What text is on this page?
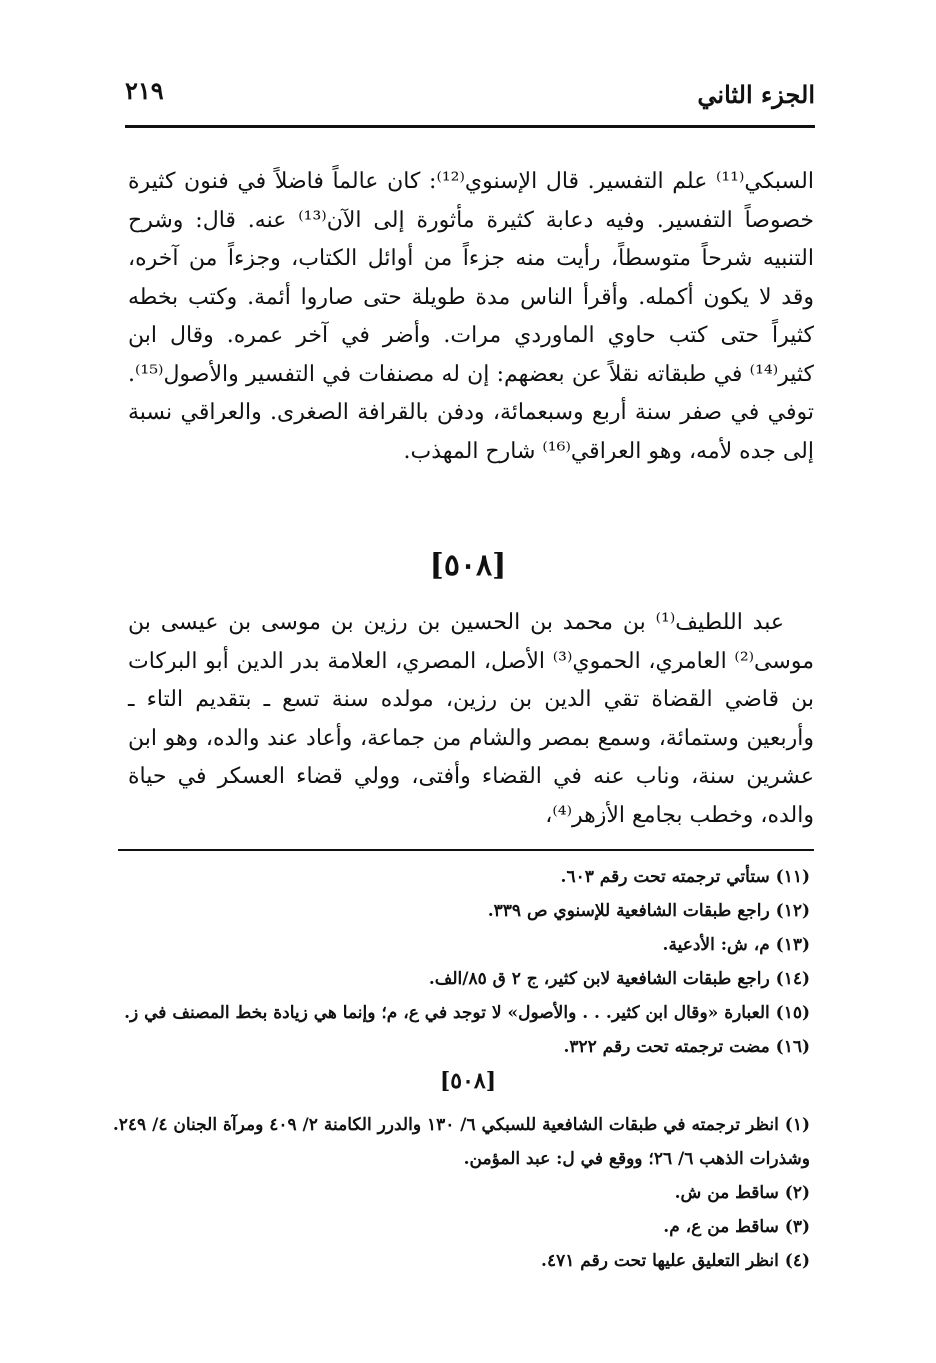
الجزء الثاني
٢١٩

السبكي⁽¹¹⁾ علم التفسير. قال الإسنوي⁽¹²⁾: كان عالماً فاضلاً في فنون كثيرة خصوصاً التفسير. وفيه دعابة كثيرة مأثورة إلى الآن⁽¹³⁾ عنه. قال: وشرح التنبيه شرحاً متوسطاً، رأيت منه جزءاً من أوائل الكتاب، وجزءاً من آخره، وقد لا يكون أكمله. وأقرأ الناس مدة طويلة حتى صاروا أئمة. وكتب بخطه كثيراً حتى كتب حاوي الماوردي مرات. وأضر في آخر عمره. وقال ابن كثير⁽¹⁴⁾ في طبقاته نقلاً عن بعضهم: إن له مصنفات في التفسير والأصول⁽¹⁵⁾. توفي في صفر سنة أربع وسبعمائة، ودفن بالقرافة الصغرى. والعراقي نسبة إلى جده لأمه، وهو العراقي⁽¹⁶⁾ شارح المهذب.

[٥٠٨]

عبد اللطيف⁽¹⁾ بن محمد بن الحسين بن رزين بن موسى بن عيسى بن موسى⁽²⁾ العامري، الحموي⁽³⁾ الأصل، المصري، العلامة بدر الدين أبو البركات بن قاضي القضاة تقي الدين بن رزين، مولده سنة تسع ـ بتقديم التاء ـ وأربعين وستمائة، وسمع بمصر والشام من جماعة، وأعاد عند والده، وهو ابن عشرين سنة، وناب عنه في القضاء وأفتى، وولي قضاء العسكر في حياة والده، وخطب بجامع الأزهر⁽⁴⁾،

(١١) ستأتي ترجمته تحت رقم ٦٠٣.

(١٢) راجع طبقات الشافعية للإسنوي ص ٣٣٩.

(١٣) م، ش: الأدعية.

(١٤) راجع طبقات الشافعية لابن كثير، ج ٢ ق ٨٥/الف.

(١٥) العبارة «وقال ابن كثير. . . والأصول» لا توجد في ع، م؛ وإنما هي زيادة بخط المصنف في ز.

(١٦) مضت ترجمته تحت رقم ٣٢٢.

[٥٠٨]

(١) انظر ترجمته في طبقات الشافعية للسبكي ٦/ ١٣٠ والدرر الكامنة ٢/ ٤٠٩ ومرآة الجنان ٤/ ٢٤٩.

وشذرات الذهب ٦/ ٢٦؛ ووقع في ل: عبد المؤمن.

(٢) ساقط من ش.

(٣) ساقط من ع، م.

(٤) انظر التعليق عليها تحت رقم ٤٧١.
